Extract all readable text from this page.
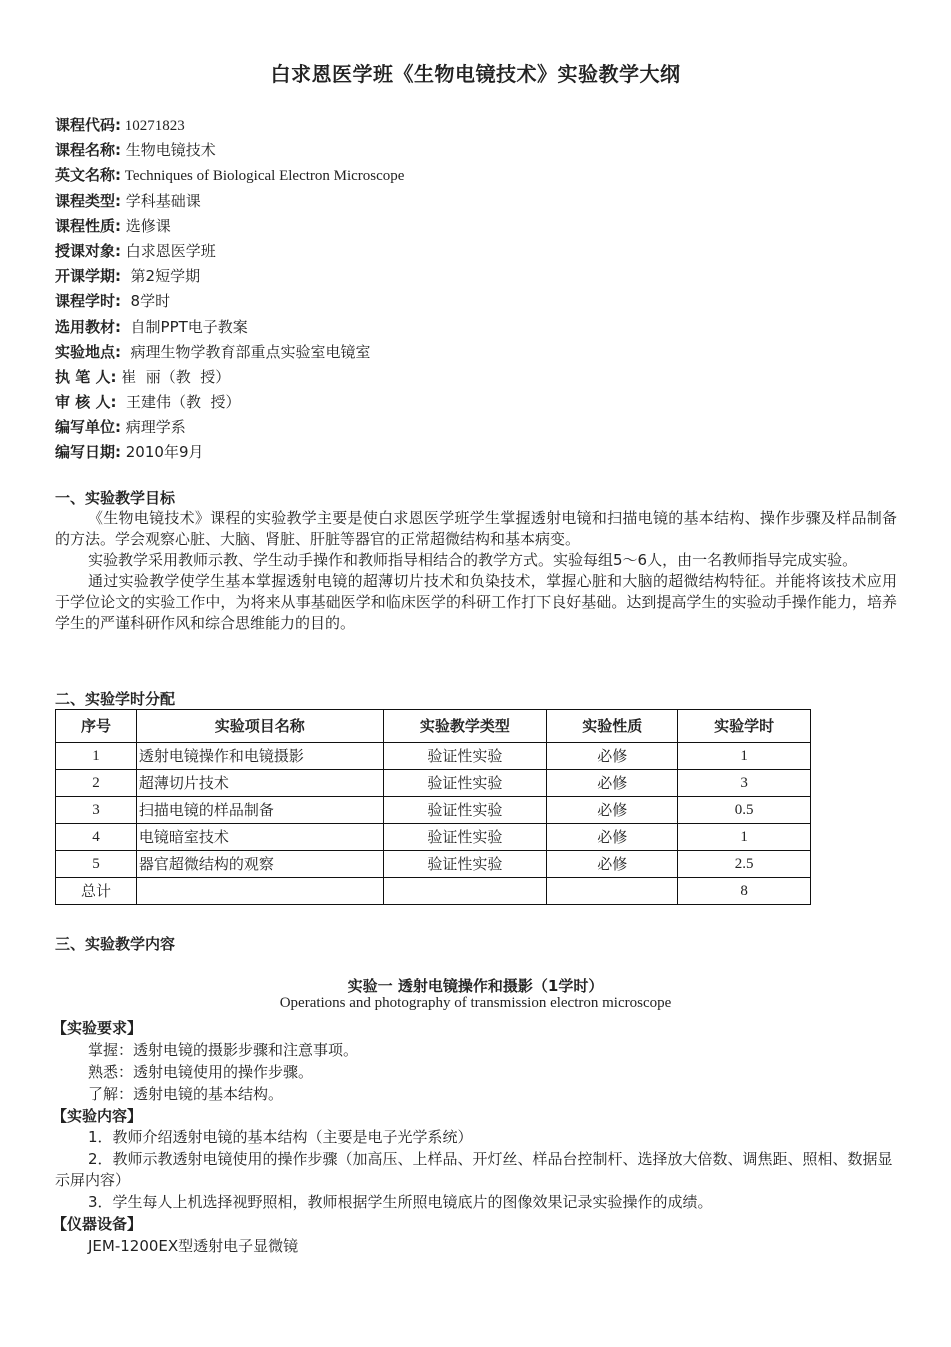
白求恩医学班《生物电镜技术》实验教学大纲
课程代码: 10271823
课程名称: 生物电镜技术
英文名称: Techniques of Biological Electron Microscope
课程类型: 学科基础课
课程性质: 选修课
授课对象: 白求恩医学班
开课学期:  第2短学期
课程学时:  8学时
选用教材:  自制PPT电子教案
实验地点:  病理生物学教育部重点实验室电镜室
执 笔 人: 崔  丽（教  授）
审 核 人:  王建伟（教  授）
编写单位: 病理学系
编写日期: 2010年9月
一、实验教学目标

《生物电镜技术》课程的实验教学主要是使白求恩医学班学生掌握透射电镜和扫描电镜的基本结构、操作步骤及样品制备的方法。学会观察心脏、大脑、肾脏、肝脏等器官的正常超微结构和基本病变。

实验教学采用教师示教、学生动手操作和教师指导相结合的教学方式。实验每组5～6人，由一名教师指导完成实验。

通过实验教学使学生基本掌握透射电镜的超薄切片技术和负染技术，掌握心脏和大脑的超微结构特征。并能将该技术应用于学位论文的实验工作中，为将来从事基础医学和临床医学的科研工作打下良好基础。达到提高学生的实验动手操作能力，培养学生的严谨科研作风和综合思维能力的目的。

二、实验学时分配
序号	实验项目名称	实验教学类型	实验性质	实验学时
1	透射电镜操作和电镜摄影	验证性实验	必修	1
2	超薄切片技术	验证性实验	必修	3
3	扫描电镜的样品制备	验证性实验	必修	0.5
4	电镜暗室技术	验证性实验	必修	1
5	器官超微结构的观察	验证性实验	必修	2.5
总计				8
三、实验教学内容
实验一 透射电镜操作和摄影（1学时）
Operations and photography of transmission electron microscope
【实验要求】
掌握：透射电镜的摄影步骤和注意事项。
熟悉：透射电镜使用的操作步骤。
了解：透射电镜的基本结构。
【实验内容】

1．教师介绍透射电镜的基本结构（主要是电子光学系统）

2．教师示教透射电镜使用的操作步骤（加高压、上样品、开灯丝、样品台控制杆、选择放大倍数、调焦距、照相、数据显示屏内容）

3．学生每人上机选择视野照相，教师根据学生所照电镜底片的图像效果记录实验操作的成绩。

【仪器设备】
JEM-1200EX型透射电子显微镜
